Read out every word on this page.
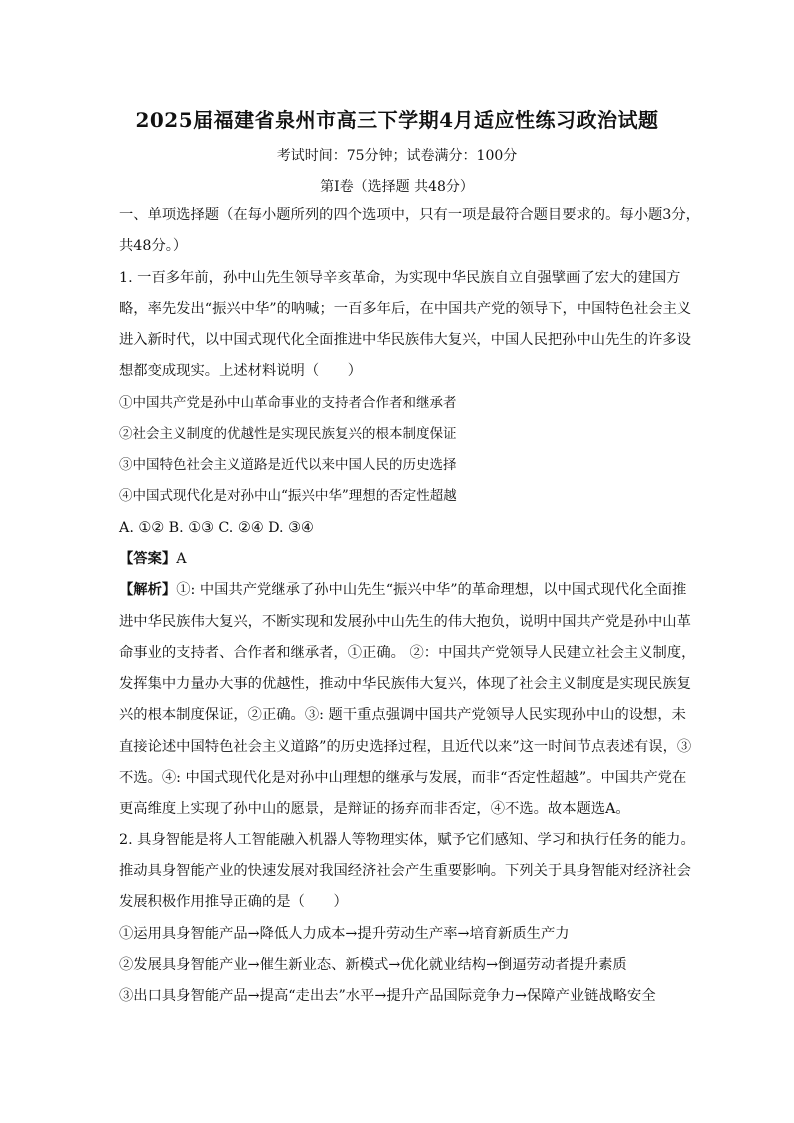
2025届福建省泉州市高三下学期4月适应性练习政治试题
考试时间：75分钟；试卷满分：100分
第Ⅰ卷（选择题 共48分）
一、单项选择题（在每小题所列的四个选项中，只有一项是最符合题目要求的。每小题3分，
共48分。）
1. 一百多年前，孙中山先生领导辛亥革命，为实现中华民族自立自强擘画了宏大的建国方
略，率先发出“振兴中华”的呐喊；一百多年后，在中国共产党的领导下，中国特色社会主义
进入新时代，以中国式现代化全面推进中华民族伟大复兴，中国人民把孙中山先生的许多设
想都变成现实。上述材料说明（　　）
①中国共产党是孙中山革命事业的支持者合作者和继承者
②社会主义制度的优越性是实现民族复兴的根本制度保证
③中国特色社会主义道路是近代以来中国人民的历史选择
④中国式现代化是对孙中山“振兴中华”理想的否定性超越
A. ①② B. ①③ C. ②④ D. ③④
【答案】A
【解析】①: 中国共产党继承了孙中山先生“振兴中华”的革命理想，以中国式现代化全面推
进中华民族伟大复兴，不断实现和发展孙中山先生的伟大抱负，说明中国共产党是孙中山革
命事业的支持者、合作者和继承者，①正确。 ②：中国共产党领导人民建立社会主义制度，
发挥集中力量办大事的优越性，推动中华民族伟大复兴，体现了社会主义制度是实现民族复
兴的根本制度保证，②正确。③: 题干重点强调中国共产党领导人民实现孙中山的设想，未
直接论述中国特色社会主义道路”的历史选择过程，且近代以来”这一时间节点表述有误，③
不选。④: 中国式现代化是对孙中山理想的继承与发展，而非“否定性超越”。中国共产党在
更高维度上实现了孙中山的愿景，是辩证的扬弃而非否定，④不选。故本题选A。
2. 具身智能是将人工智能融入机器人等物理实体，赋予它们感知、学习和执行任务的能力。
推动具身智能产业的快速发展对我国经济社会产生重要影响。下列关于具身智能对经济社会
发展积极作用推导正确的是（　　）
①运用具身智能产品→降低人力成本→提升劳动生产率→培育新质生产力
②发展具身智能产业→催生新业态、新模式→优化就业结构→倒逼劳动者提升素质
③出口具身智能产品→提高“走出去”水平→提升产品国际竞争力→保障产业链战略安全
